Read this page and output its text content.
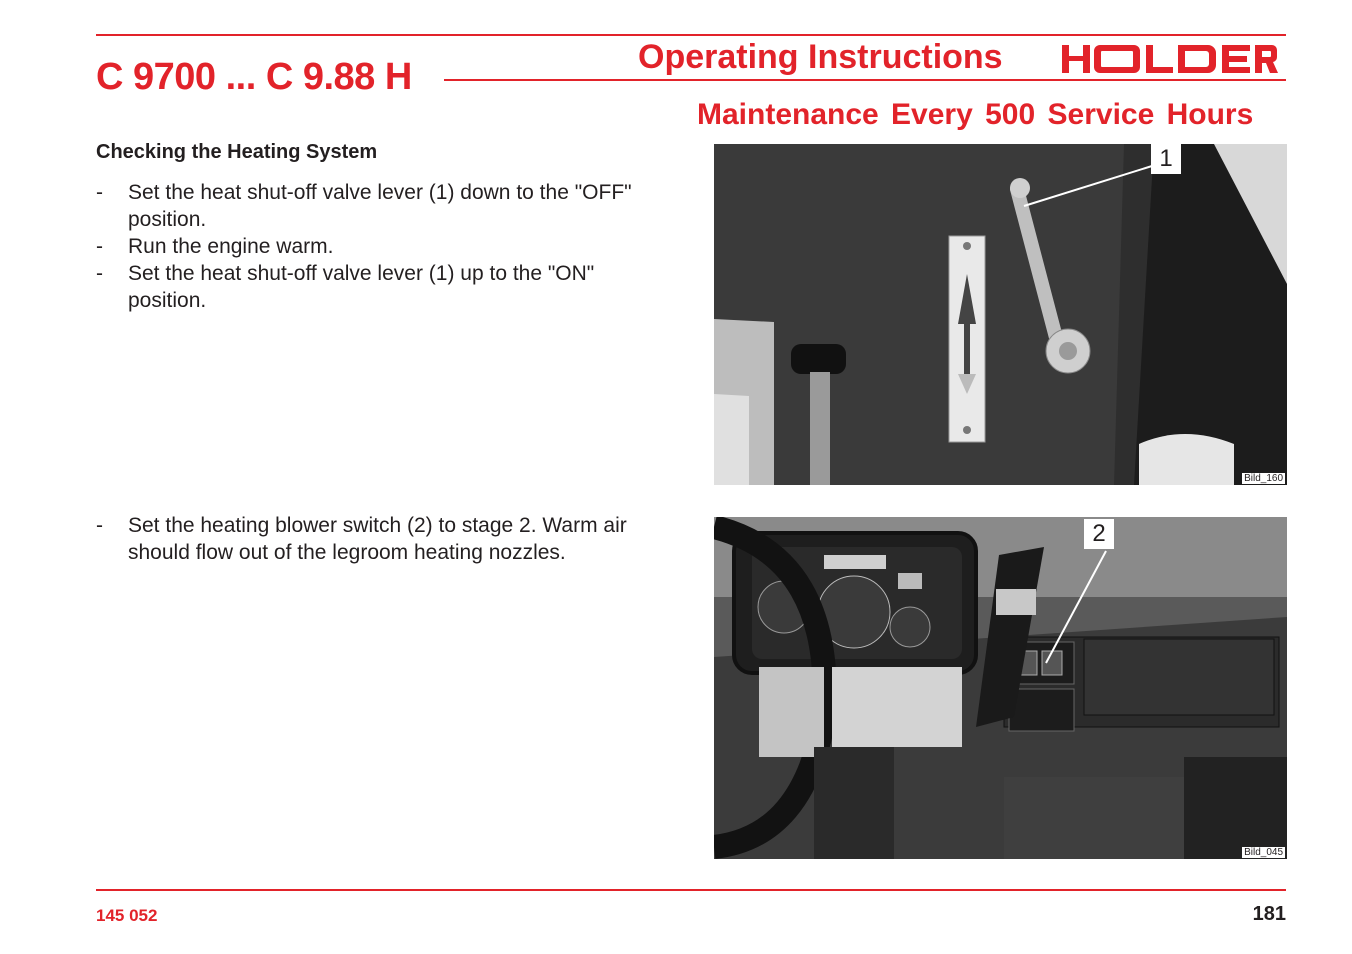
C 9700 ... C 9.88 H	Operating Instructions
Maintenance Every 500 Service Hours
Checking the Heating System
- Set the heat shut-off valve lever (1) down to the "OFF" position.
- Run the engine warm.
- Set the heat shut-off valve lever (1) up to the "ON" position.
- Set the heating blower switch (2) to stage 2. Warm air should flow out of the legroom heating nozzles.
1
Bild_160
2
Bild_045
145 052	181
